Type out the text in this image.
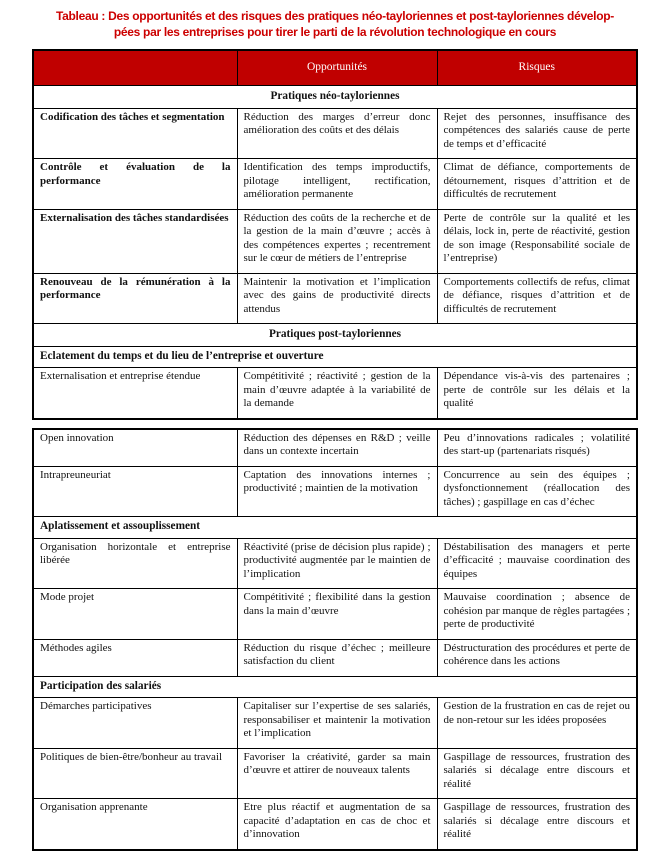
Tableau : Des opportunités et des risques des pratiques néo-tayloriennes et post-tayloriennes dévelop-
pées par les entreprises pour tirer le parti de la révolution technologique en cours
	Opportunités	Risques
Pratiques néo-tayloriennes		
Codification des tâches et segmentation	Réduction des marges d’erreur donc amélioration des coûts et des délais	Rejet des personnes, insuffisance des compétences des salariés cause de perte de temps et d’efficacité
Contrôle et évaluation de la performance	Identification des temps improductifs, pilotage intelligent, rectification, amélioration permanente	Climat de défiance, comportements de détournement, risques d’attrition et de difficultés de recrutement
Externalisation des tâches standardisées	Réduction des coûts de la recherche et de la gestion de la main d’œuvre ; accès à des compétences expertes ; recentrement sur le cœur de métiers de l’entreprise	Perte de contrôle sur la qualité et les délais, lock in, perte de réactivité, gestion de son image (Responsabilité sociale de l’entreprise)
Renouveau de la rémunération à la performance	Maintenir la motivation et l’implication avec des gains de productivité directs attendus	Comportements collectifs de refus, climat de défiance, risques d’attrition et de difficultés de recrutement
Pratiques post-tayloriennes		
Eclatement du temps et du lieu de l’entreprise et ouverture		
Externalisation et entreprise étendue	Compétitivité ; réactivité ; gestion de la main d’œuvre adaptée à la variabilité de la demande	Dépendance vis-à-vis des partenaires ; perte de contrôle sur les délais et la qualité
Open innovation	Réduction des dépenses en R&D ; veille dans un contexte incertain	Peu d’innovations radicales ; volatilité des start-up (partenariats risqués)
Intrapreuneuriat	Captation des innovations internes ; productivité ; maintien de la motivation	Concurrence au sein des équipes ; dysfonctionnement (réallocation des tâches) ; gaspillage en cas d’échec
Aplatissement et assouplissement		
Organisation horizontale et entreprise libérée	Réactivité (prise de décision plus rapide) ; productivité augmentée par le maintien de l’implication	Déstabilisation des managers et perte d’efficacité ; mauvaise coordination des équipes
Mode projet	Compétitivité ; flexibilité dans la gestion dans la main d’œuvre	Mauvaise coordination ; absence de cohésion par manque de règles partagées ; perte de productivité
Méthodes agiles	Réduction du risque d’échec ; meilleure satisfaction du client	Déstructuration des procédures et perte de cohérence dans les actions
Participation des salariés		
Démarches participatives	Capitaliser sur l’expertise de ses salariés, responsabiliser et maintenir la motivation et l’implication	Gestion de la frustration en cas de rejet ou de non-retour sur les idées proposées
Politiques de bien-être/bonheur au travail	Favoriser la créativité, garder sa main d’œuvre et attirer de nouveaux talents	Gaspillage de ressources, frustration des salariés si décalage entre discours et réalité
Organisation apprenante	Etre plus réactif et augmentation de sa capacité d’adaptation en cas de choc et d’innovation	Gaspillage de ressources, frustration des salariés si décalage entre discours et réalité
